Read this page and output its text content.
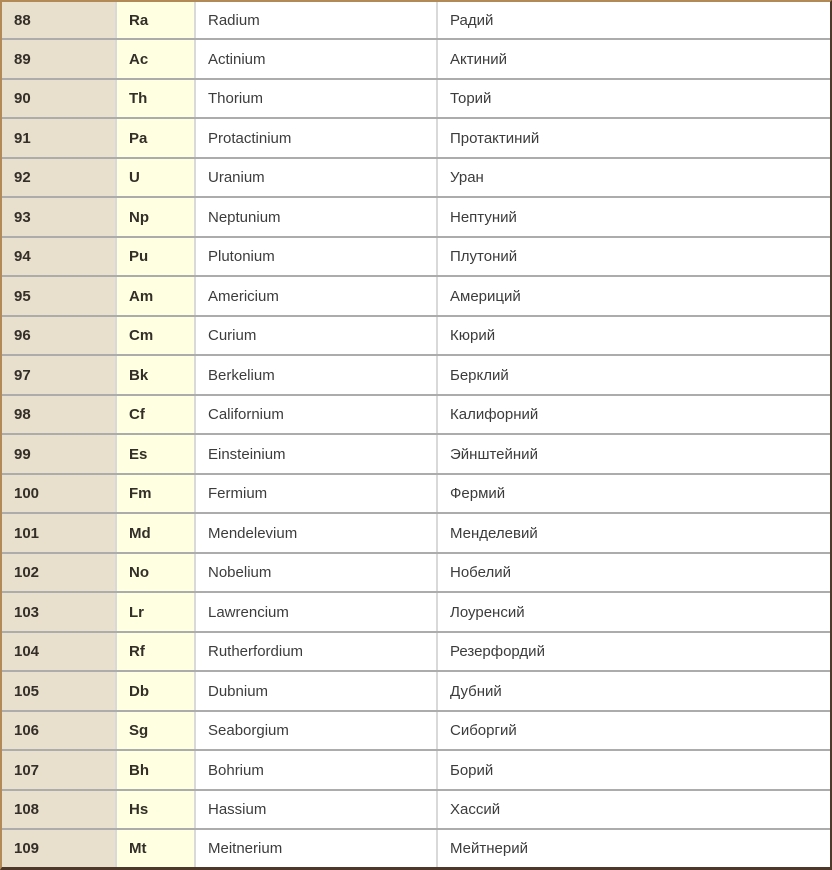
88	Ra	Radium	Радий
89	Ac	Actinium	Актиний
90	Th	Thorium	Торий
91	Pa	Protactinium	Протактиний
92	U	Uranium	Уран
93	Np	Neptunium	Нептуний
94	Pu	Plutonium	Плутоний
95	Am	Americium	Америций
96	Cm	Curium	Кюрий
97	Bk	Berkelium	Берклий
98	Cf	Californium	Калифорний
99	Es	Einsteinium	Эйнштейний
100	Fm	Fermium	Фермий
101	Md	Mendelevium	Менделевий
102	No	Nobelium	Нобелий
103	Lr	Lawrencium	Лоуренсий
104	Rf	Rutherfordium	Резерфордий
105	Db	Dubnium	Дубний
106	Sg	Seaborgium	Сиборгий
107	Bh	Bohrium	Борий
108	Hs	Hassium	Хассий
109	Mt	Meitnerium	Мейтнерий
